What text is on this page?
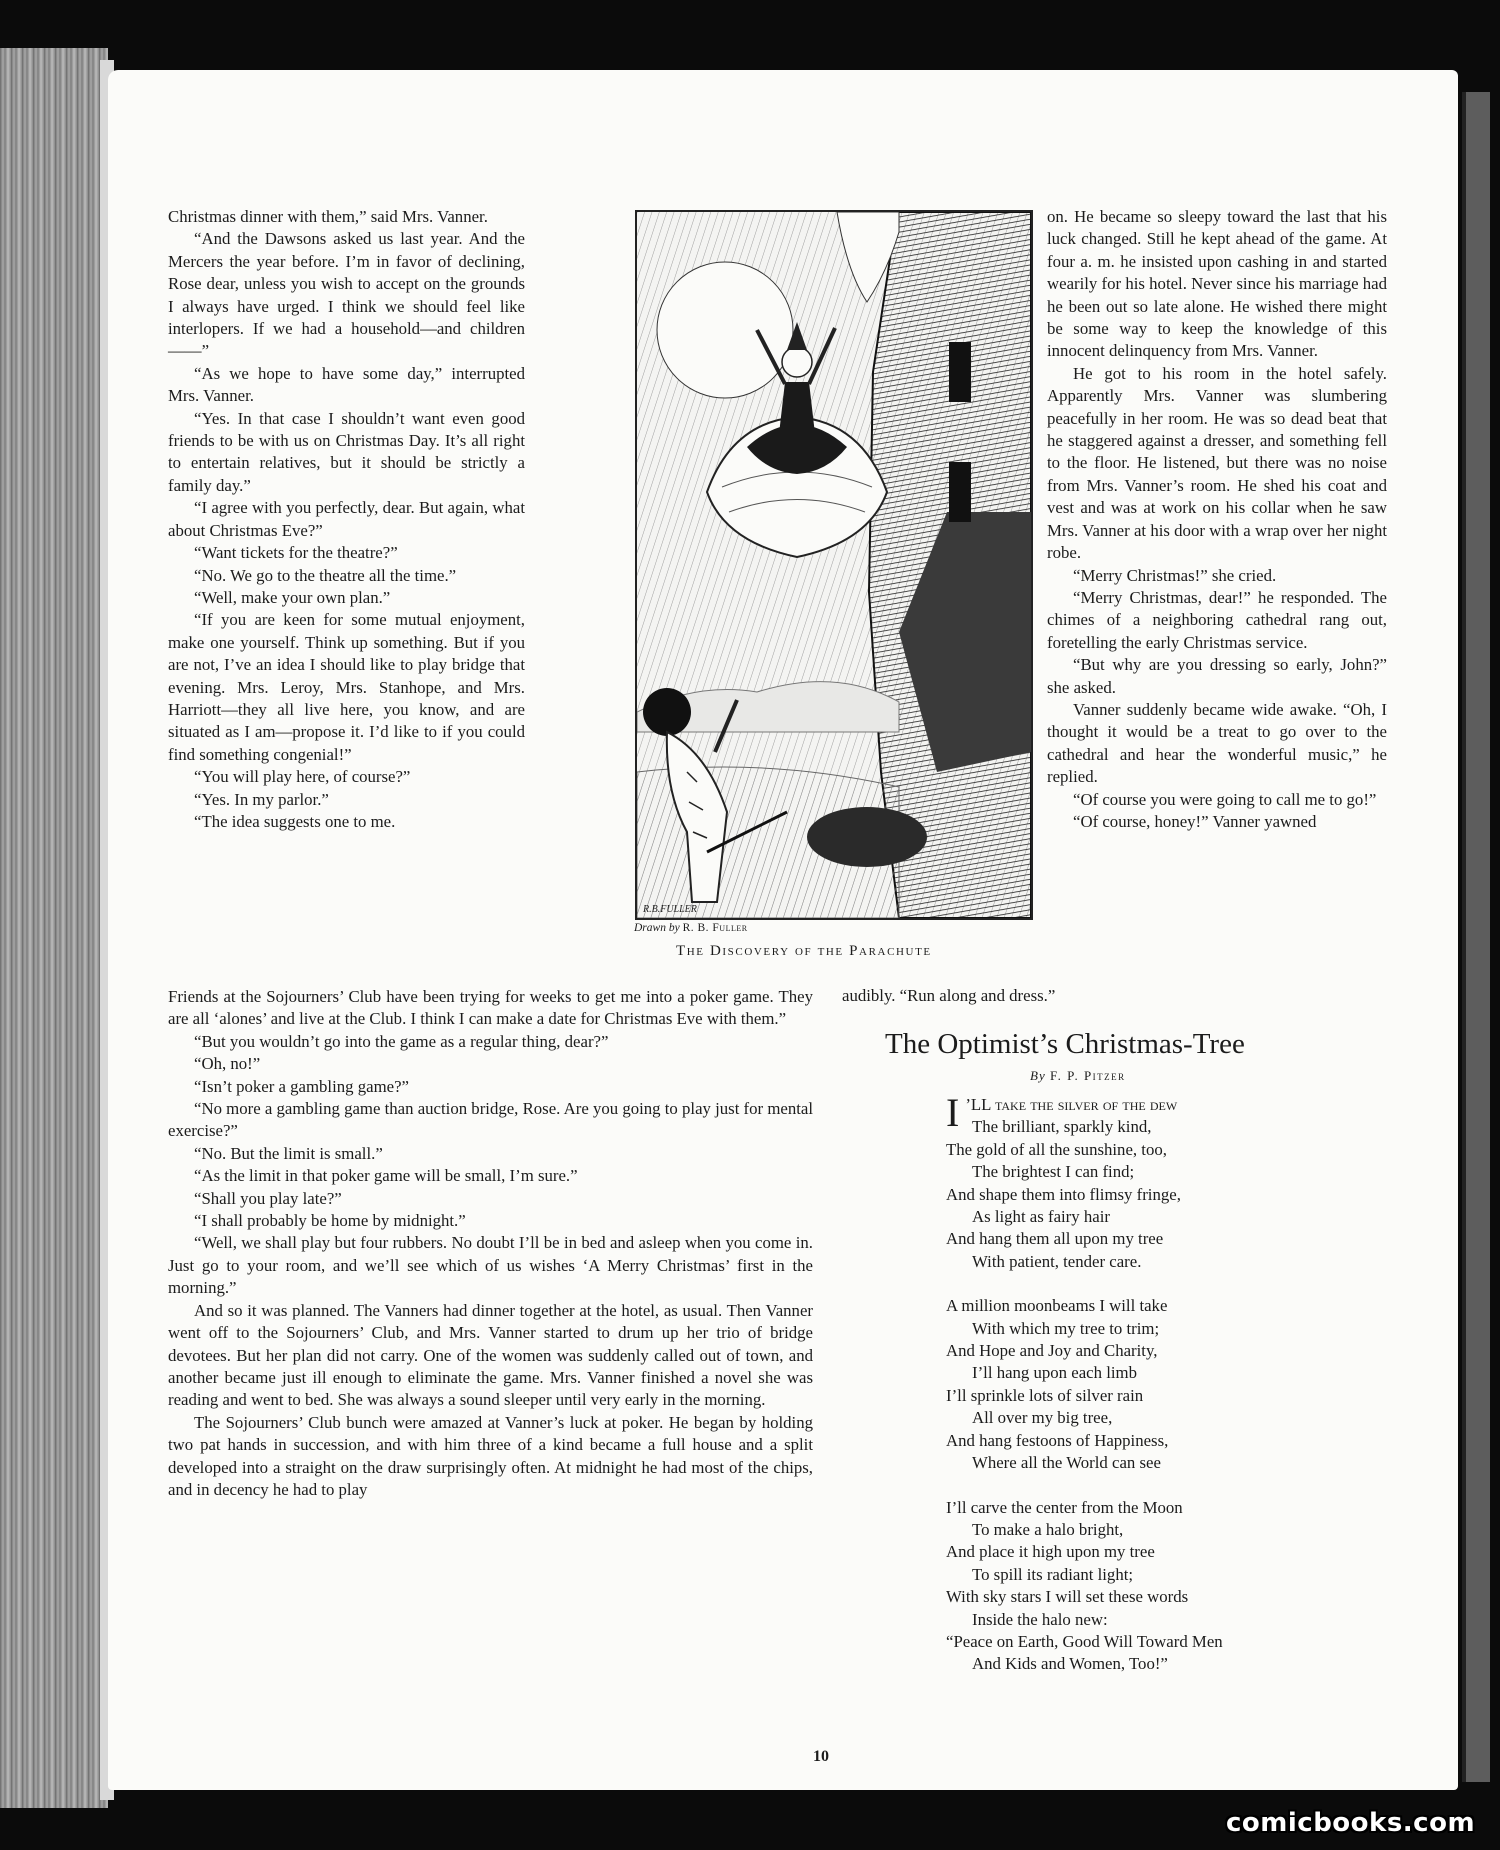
Christmas dinner with them,” said Mrs. Vanner.

“And the Dawsons asked us last year. And the Mercers the year before. I’m in favor of declining, Rose dear, unless you wish to accept on the grounds I always have urged. I think we should feel like interlopers. If we had a household—and children——”

“As we hope to have some day,” interrupted Mrs. Vanner.

“Yes. In that case I shouldn’t want even good friends to be with us on Christmas Day. It’s all right to entertain relatives, but it should be strictly a family day.”

“I agree with you perfectly, dear. But again, what about Christmas Eve?”

“Want tickets for the theatre?”

“No. We go to the theatre all the time.”

“Well, make your own plan.”

“If you are keen for some mutual enjoyment, make one yourself. Think up something. But if you are not, I’ve an idea I should like to play bridge that evening. Mrs. Leroy, Mrs. Stanhope, and Mrs. Harriott—they all live here, you know, and are situated as I am—propose it. I’d like to if you could find something congenial!”

“You will play here, of course?”

“Yes. In my parlor.”

“The idea suggests one to me.

Friends at the Sojourners’ Club have been trying for weeks to get me into a poker game. They are all ‘alones’ and live at the Club. I think I can make a date for Christmas Eve with them.”

“But you wouldn’t go into the game as a regular thing, dear?”

“Oh, no!”

“Isn’t poker a gambling game?”

“No more a gambling game than auction bridge, Rose. Are you going to play just for mental exercise?”

“No. But the limit is small.”

“As the limit in that poker game will be small, I’m sure.”

“Shall you play late?”

“I shall probably be home by midnight.”

“Well, we shall play but four rubbers. No doubt I’ll be in bed and asleep when you come in. Just go to your room, and we’ll see which of us wishes ‘A Merry Christmas’ first in the morning.”

And so it was planned. The Vanners had dinner together at the hotel, as usual. Then Vanner went off to the Sojourners’ Club, and Mrs. Vanner started to drum up her trio of bridge devotees. But her plan did not carry. One of the women was suddenly called out of town, and another became just ill enough to eliminate the game. Mrs. Vanner finished a novel she was reading and went to bed. She was always a sound sleeper until very early in the morning.

The Sojourners’ Club bunch were amazed at Vanner’s luck at poker. He began by holding two pat hands in succession, and with him three of a kind became a full house and a split developed into a straight on the draw surprisingly often. At midnight he had most of the chips, and in decency he had to play

on. He became so sleepy toward the last that his luck changed. Still he kept ahead of the game. At four a. m. he insisted upon cashing in and started wearily for his hotel. Never since his marriage had he been out so late alone. He wished there might be some way to keep the knowledge of this innocent delinquency from Mrs. Vanner.

He got to his room in the hotel safely. Apparently Mrs. Vanner was slumbering peacefully in her room. He was so dead beat that he staggered against a dresser, and something fell to the floor. He listened, but there was no noise from Mrs. Vanner’s room. He shed his coat and vest and was at work on his collar when he saw Mrs. Vanner at his door with a wrap over her night robe.

“Merry Christmas!” she cried.

“Merry Christmas, dear!” he responded. The chimes of a neighboring cathedral rang out, foretelling the early Christmas service.

“But why are you dressing so early, John?” she asked.

Vanner suddenly became wide awake. “Oh, I thought it would be a treat to go over to the cathedral and hear the wonderful music,” he replied.

“Of course you were going to call me to go!”

“Of course, honey!” Vanner yawned

audibly. “Run along and dress.”
R.B.FULLER
Drawn by R. B. Fuller
The Discovery of the Parachute
The Optimist’s Christmas-Tree
By F. P. Pitzer
I ’LL take the silver of the dew
The brilliant, sparkly kind,
The gold of all the sunshine, too,
The brightest I can find;
And shape them into flimsy fringe,
As light as fairy hair
And hang them all upon my tree
With patient, tender care.
A million moonbeams I will take
With which my tree to trim;
And Hope and Joy and Charity,
I’ll hang upon each limb
I’ll sprinkle lots of silver rain
All over my big tree,
And hang festoons of Happiness,
Where all the World can see
I’ll carve the center from the Moon
To make a halo bright,
And place it high upon my tree
To spill its radiant light;
With sky stars I will set these words
Inside the halo new:
“Peace on Earth, Good Will Toward Men
And Kids and Women, Too!”
10
comicbooks.com
